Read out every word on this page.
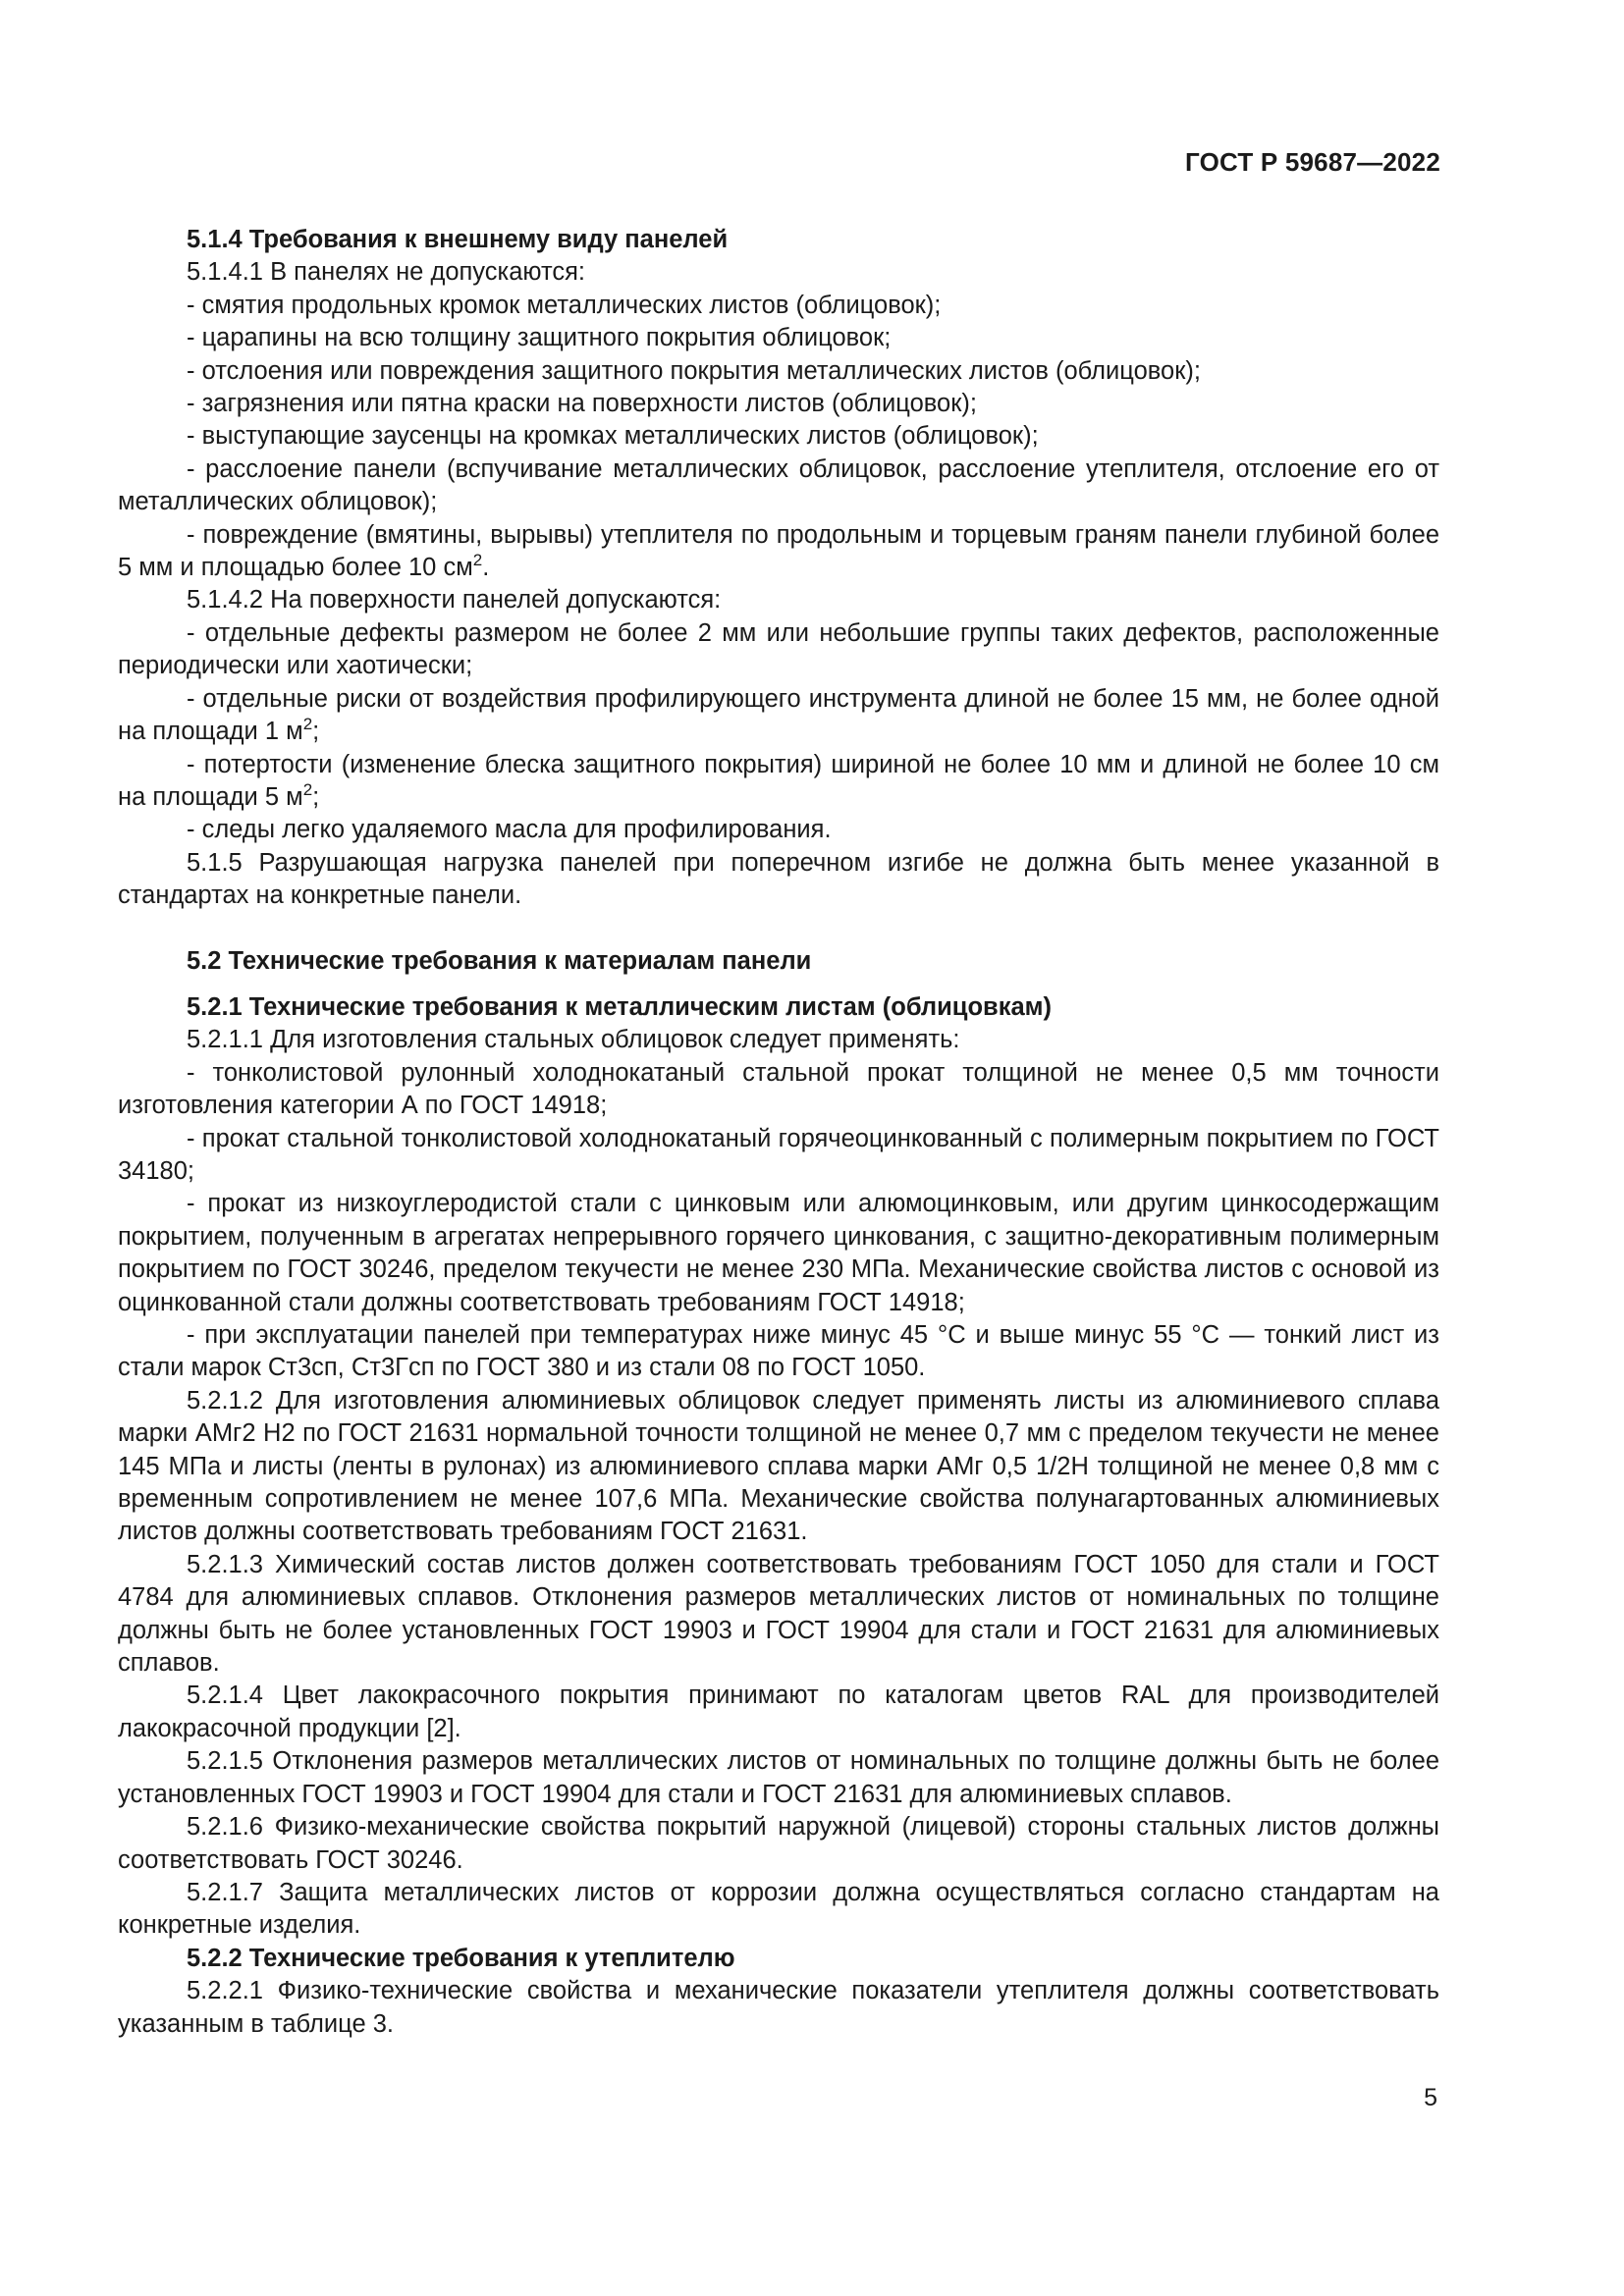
ГОСТ Р 59687—2022

5.1.4 Требования к внешнему виду панелей

5.1.4.1 В панелях не допускаются:

- смятия продольных кромок металлических листов (облицовок);

- царапины на всю толщину защитного покрытия облицовок;

- отслоения или повреждения защитного покрытия металлических листов (облицовок);

- загрязнения или пятна краски на поверхности листов (облицовок);

- выступающие заусенцы на кромках металлических листов (облицовок);

- расслоение панели (вспучивание металлических облицовок, расслоение утеплителя, отслоение его от металлических облицовок);

- повреждение (вмятины, вырывы) утеплителя по продольным и торцевым граням панели глубиной более 5 мм и площадью более 10 $см^2$.

5.1.4.2 На поверхности панелей допускаются:

- отдельные дефекты размером не более 2 мм или небольшие группы таких дефектов, расположенные периодически или хаотически;

- отдельные риски от воздействия профилирующего инструмента длиной не более 15 мм, не более одной на площади 1 $м^2$;

- потертости (изменение блеска защитного покрытия) шириной не более 10 мм и длиной не более 10 см на площади 5 $м^2$;

- следы легко удаляемого масла для профилирования.

5.1.5 Разрушающая нагрузка панелей при поперечном изгибе не должна быть менее указанной в стандартах на конкретные панели.

5.2 Технические требования к материалам панели

5.2.1 Технические требования к металлическим листам (облицовкам)

5.2.1.1 Для изготовления стальных облицовок следует применять:

- тонколистовой рулонный холоднокатаный стальной прокат толщиной не менее 0,5 мм точности изготовления категории А по ГОСТ 14918;

- прокат стальной тонколистовой холоднокатаный горячеоцинкованный с полимерным покрытием по ГОСТ 34180;

- прокат из низкоуглеродистой стали с цинковым или алюмоцинковым, или другим цинкосодержащим покрытием, полученным в агрегатах непрерывного горячего цинкования, с защитно-декоративным полимерным покрытием по ГОСТ 30246, пределом текучести не менее 230 МПа. Механические свойства листов с основой из оцинкованной стали должны соответствовать требованиям ГОСТ 14918;

- при эксплуатации панелей при температурах ниже минус 45 °С и выше минус 55 °С — тонкий лист из стали марок Ст3сп, Ст3Гсп по ГОСТ 380 и из стали 08 по ГОСТ 1050.

5.2.1.2 Для изготовления алюминиевых облицовок следует применять листы из алюминиевого сплава марки АМг2 Н2 по ГОСТ 21631 нормальной точности толщиной не менее 0,7 мм с пределом текучести не менее 145 МПа и листы (ленты в рулонах) из алюминиевого сплава марки АМг 0,5 1/2Н толщиной не менее 0,8 мм с временным сопротивлением не менее 107,6 МПа. Механические свойства полунагартованных алюминиевых листов должны соответствовать требованиям ГОСТ 21631.

5.2.1.3 Химический состав листов должен соответствовать требованиям ГОСТ 1050 для стали и ГОСТ 4784 для алюминиевых сплавов. Отклонения размеров металлических листов от номинальных по толщине должны быть не более установленных ГОСТ 19903 и ГОСТ 19904 для стали и ГОСТ 21631 для алюминиевых сплавов.

5.2.1.4 Цвет лакокрасочного покрытия принимают по каталогам цветов RAL для производителей лакокрасочной продукции [2].

5.2.1.5 Отклонения размеров металлических листов от номинальных по толщине должны быть не более установленных ГОСТ 19903 и ГОСТ 19904 для стали и ГОСТ 21631 для алюминиевых сплавов.

5.2.1.6 Физико-механические свойства покрытий наружной (лицевой) стороны стальных листов должны соответствовать ГОСТ 30246.

5.2.1.7 Защита металлических листов от коррозии должна осуществляться согласно стандартам на конкретные изделия.

5.2.2 Технические требования к утеплителю

5.2.2.1 Физико-технические свойства и механические показатели утеплителя должны соответствовать указанным в таблице 3.

5
